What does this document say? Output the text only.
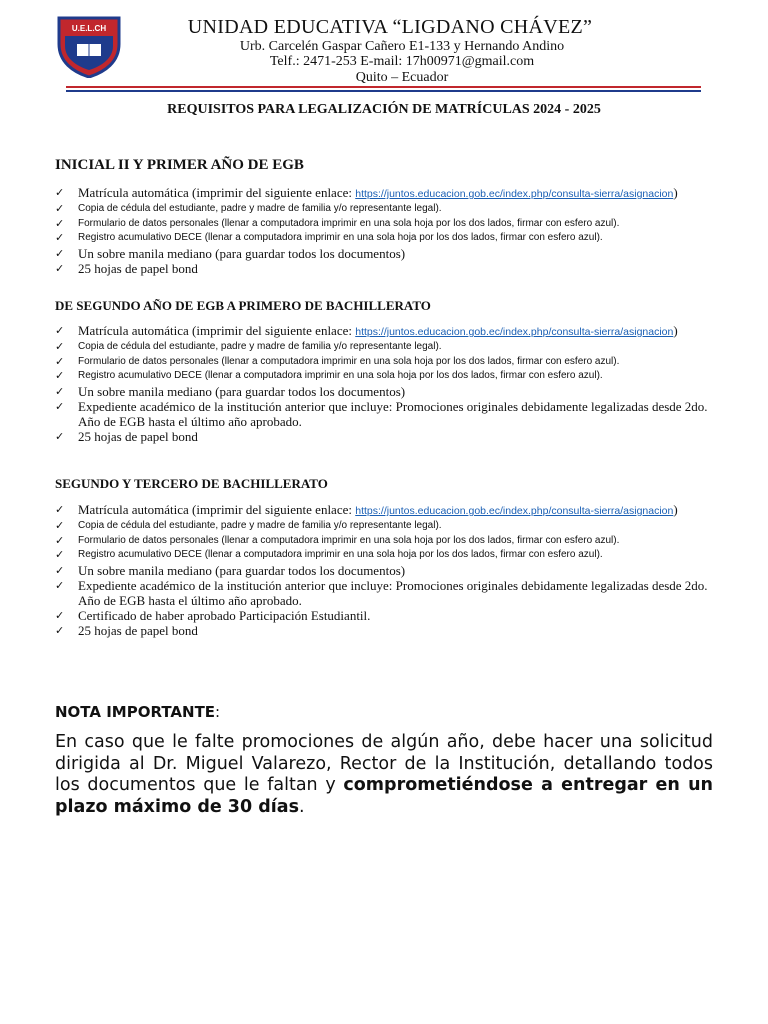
U.E.L.CH	UNIDAD EDUCATIVA “LIGDANO CHÁVEZ”
Urb. Carcelén Gaspar Cañero E1-133 y Hernando Andino
Telf.: 2471-253 E-mail: 17h00971@gmail.com
Quito – Ecuador
REQUISITOS PARA LEGALIZACIÓN DE MATRÍCULAS 2024 - 2025
INICIAL II Y PRIMER AÑO DE EGB
✓ Matrícula automática (imprimir del siguiente enlace: https://juntos.educacion.gob.ec/index.php/consulta-sierra/asignacion)
✓ Copia de cédula del estudiante, padre y madre de familia y/o representante legal).
✓ Formulario de datos personales (llenar a computadora imprimir en una sola hoja por los dos lados, firmar con esfero azul).
✓ Registro acumulativo DECE (llenar a computadora imprimir en una sola hoja por los dos lados, firmar con esfero azul).
✓ Un sobre manila mediano (para guardar todos los documentos)
✓ 25 hojas de papel bond
DE SEGUNDO AÑO DE EGB A PRIMERO DE BACHILLERATO
✓ Matrícula automática (imprimir del siguiente enlace: https://juntos.educacion.gob.ec/index.php/consulta-sierra/asignacion)
✓ Copia de cédula del estudiante, padre y madre de familia y/o representante legal).
✓ Formulario de datos personales (llenar a computadora imprimir en una sola hoja por los dos lados, firmar con esfero azul).
✓ Registro acumulativo DECE (llenar a computadora imprimir en una sola hoja por los dos lados, firmar con esfero azul).
✓ Un sobre manila mediano (para guardar todos los documentos)
✓ Expediente académico de la institución anterior que incluye: Promociones originales debidamente legalizadas desde 2do. Año de EGB hasta el último año aprobado.
✓ 25 hojas de papel bond
SEGUNDO Y TERCERO DE BACHILLERATO
✓ Matrícula automática (imprimir del siguiente enlace: https://juntos.educacion.gob.ec/index.php/consulta-sierra/asignacion)
✓ Copia de cédula del estudiante, padre y madre de familia y/o representante legal).
✓ Formulario de datos personales (llenar a computadora imprimir en una sola hoja por los dos lados, firmar con esfero azul).
✓ Registro acumulativo DECE (llenar a computadora imprimir en una sola hoja por los dos lados, firmar con esfero azul).
✓ Un sobre manila mediano (para guardar todos los documentos)
✓ Expediente académico de la institución anterior que incluye: Promociones originales debidamente legalizadas desde 2do. Año de EGB hasta el último año aprobado.
✓ Certificado de haber aprobado Participación Estudiantil.
✓ 25 hojas de papel bond
NOTA IMPORTANTE:
En caso que le falte promociones de algún año, debe hacer una solicitud dirigida al Dr. Miguel Valarezo, Rector de la Institución, detallando todos los documentos que le faltan y comprometiéndose a entregar en un plazo máximo de 30 días.
